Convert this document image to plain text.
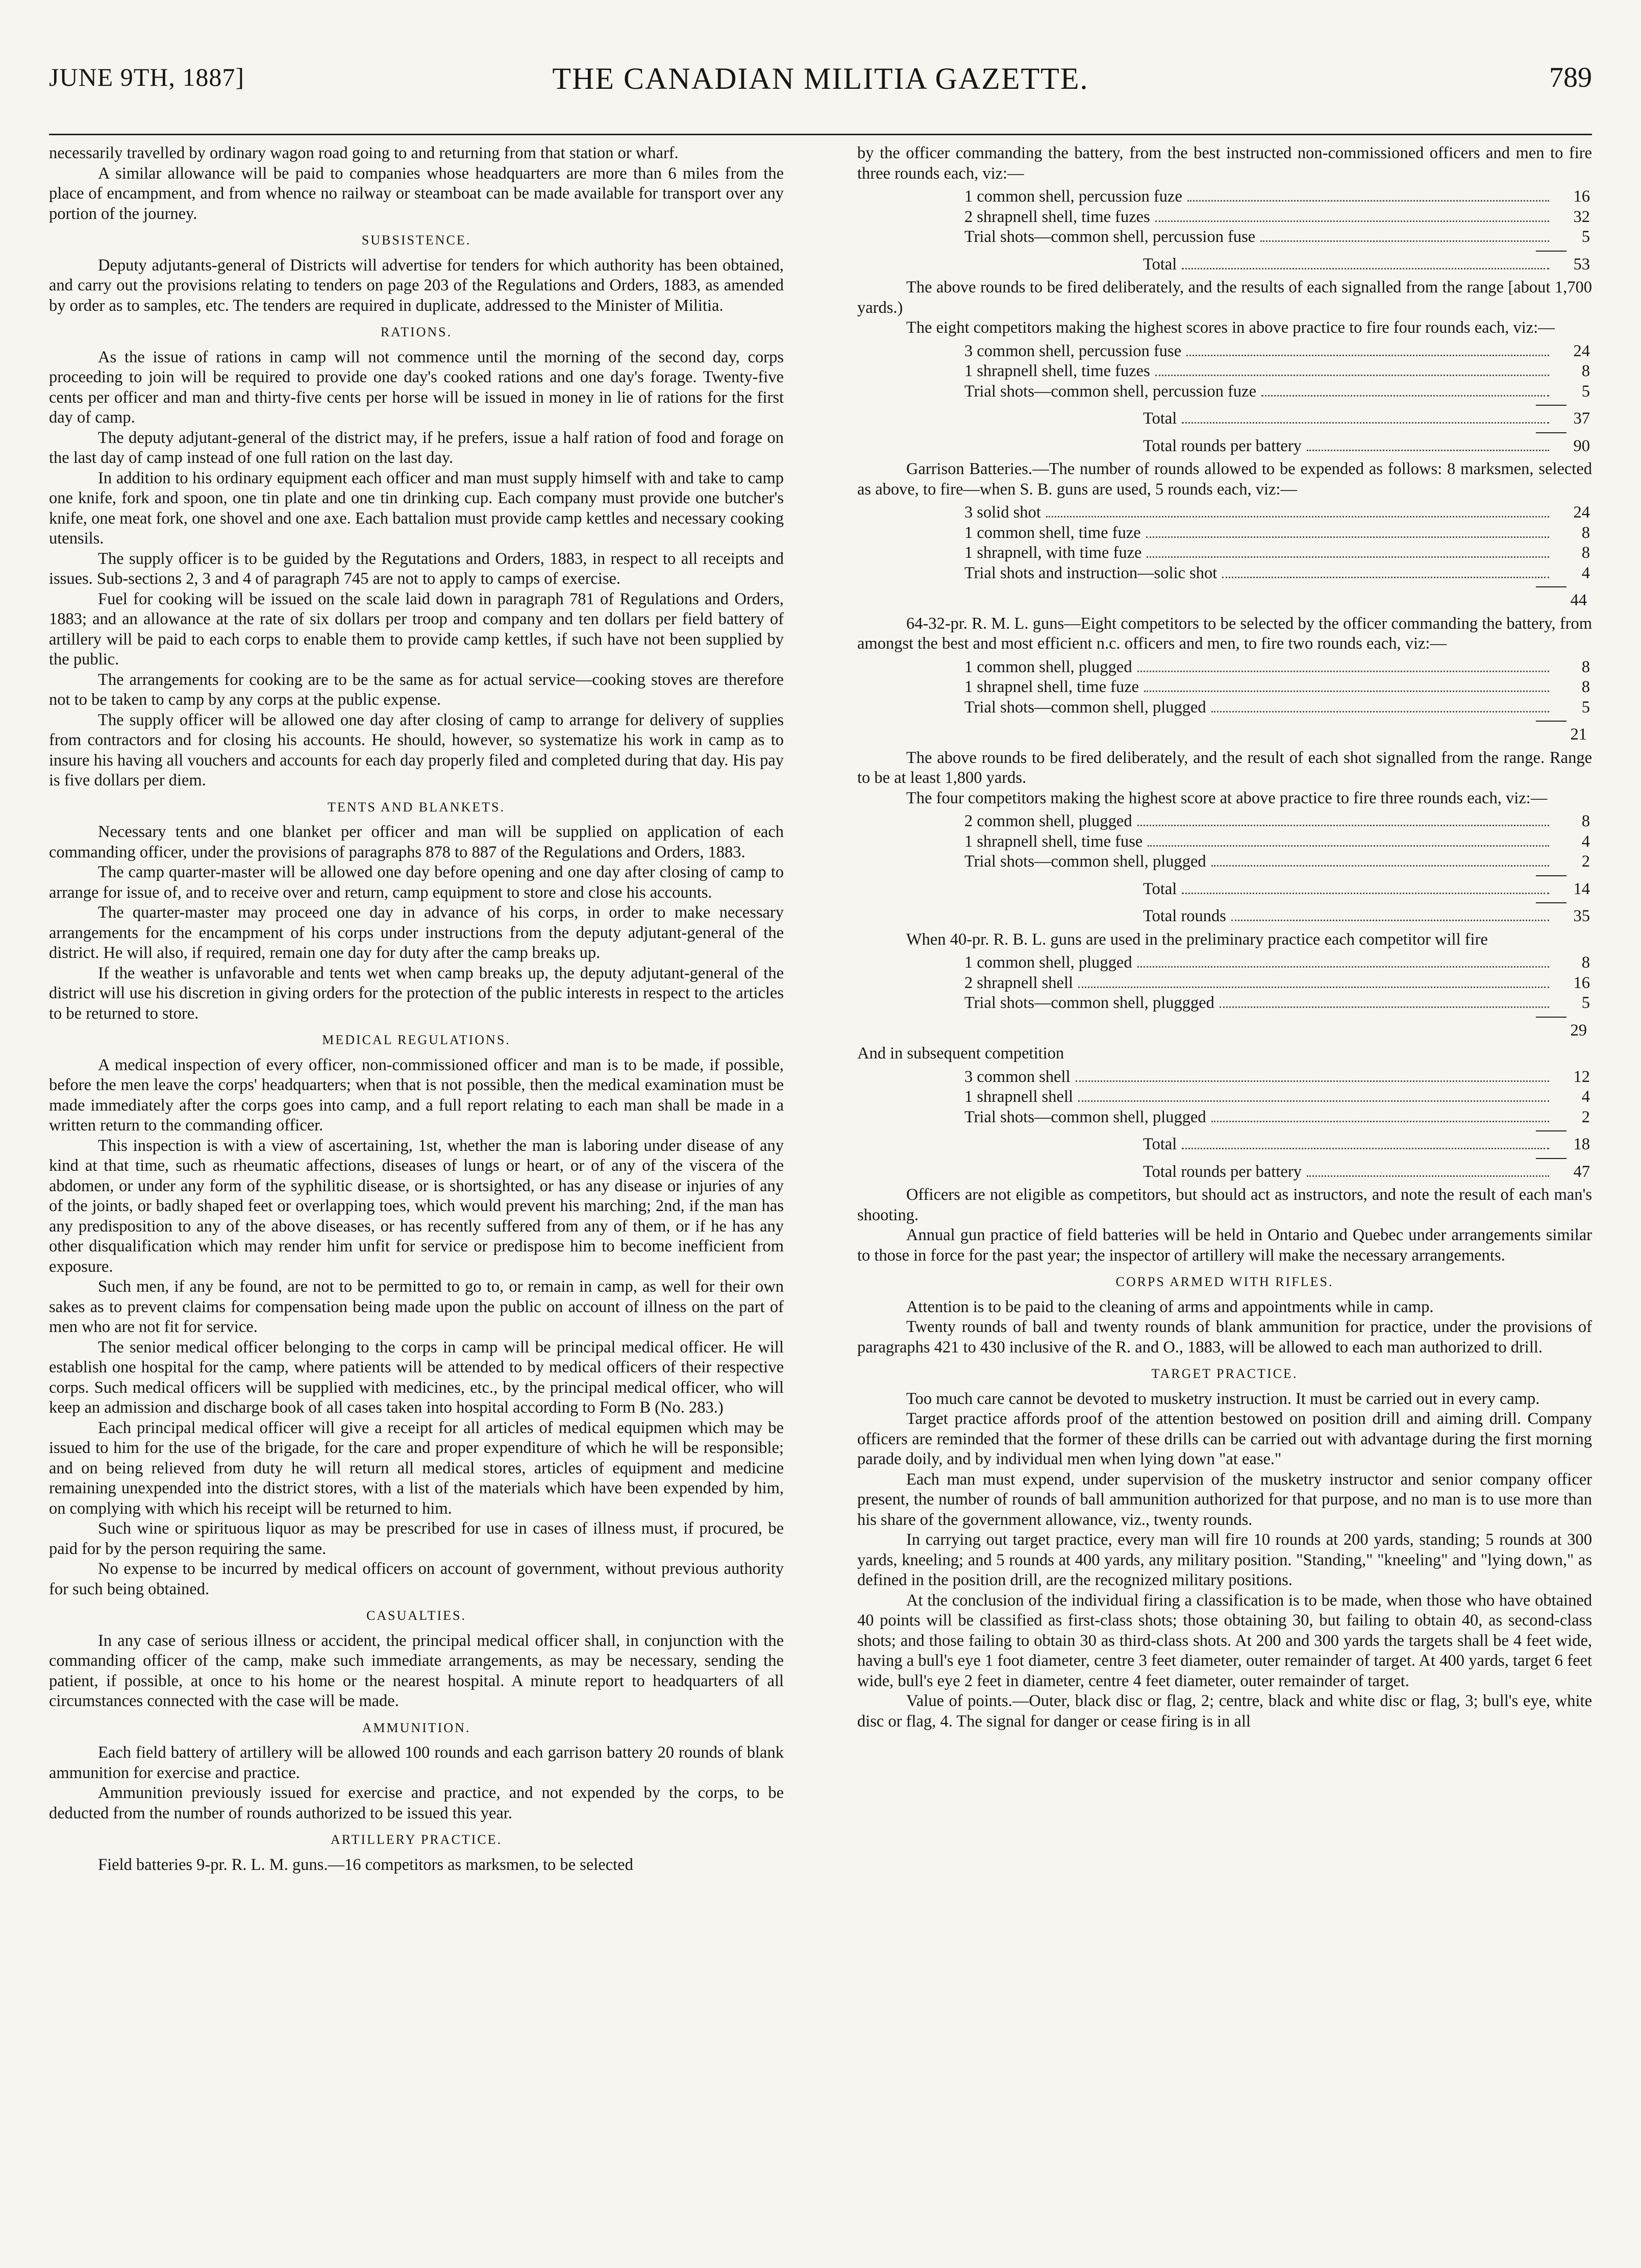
JUNE 9TH, 1887]	THE CANADIAN MILITIA GAZETTE.	789

necessarily travelled by ordinary wagon road going to and returning from that station or wharf.

A similar allowance will be paid to companies whose headquarters are more than 6 miles from the place of encampment, and from whence no railway or steamboat can be made available for transport over any portion of the journey.

SUBSISTENCE.

Deputy adjutants-general of Districts will advertise for tenders for which authority has been obtained, and carry out the provisions relating to tenders on page 203 of the Regulations and Orders, 1883, as amended by order as to samples, etc. The tenders are required in duplicate, addressed to the Minister of Militia.

RATIONS.

As the issue of rations in camp will not commence until the morning of the second day, corps proceeding to join will be required to provide one day's cooked rations and one day's forage. Twenty-five cents per officer and man and thirty-five cents per horse will be issued in money in lie of rations for the first day of camp.

The deputy adjutant-general of the district may, if he prefers, issue a half ration of food and forage on the last day of camp instead of one full ration on the last day.

In addition to his ordinary equipment each officer and man must supply himself with and take to camp one knife, fork and spoon, one tin plate and one tin drinking cup. Each company must provide one butcher's knife, one meat fork, one shovel and one axe. Each battalion must provide camp kettles and necessary cooking utensils.

The supply officer is to be guided by the Regutations and Orders, 1883, in respect to all receipts and issues. Sub-sections 2, 3 and 4 of paragraph 745 are not to apply to camps of exercise.

Fuel for cooking will be issued on the scale laid down in paragraph 781 of Regulations and Orders, 1883; and an allowance at the rate of six dollars per troop and company and ten dollars per field battery of artillery will be paid to each corps to enable them to provide camp kettles, if such have not been supplied by the public.

The arrangements for cooking are to be the same as for actual service—cooking stoves are therefore not to be taken to camp by any corps at the public expense.

The supply officer will be allowed one day after closing of camp to arrange for delivery of supplies from contractors and for closing his accounts. He should, however, so systematize his work in camp as to insure his having all vouchers and accounts for each day properly filed and completed during that day. His pay is five dollars per diem.

TENTS AND BLANKETS.

Necessary tents and one blanket per officer and man will be supplied on application of each commanding officer, under the provisions of paragraphs 878 to 887 of the Regulations and Orders, 1883.

The camp quarter-master will be allowed one day before opening and one day after closing of camp to arrange for issue of, and to receive over and return, camp equipment to store and close his accounts.

The quarter-master may proceed one day in advance of his corps, in order to make necessary arrangements for the encampment of his corps under instructions from the deputy adjutant-general of the district. He will also, if required, remain one day for duty after the camp breaks up.

If the weather is unfavorable and tents wet when camp breaks up, the deputy adjutant-general of the district will use his discretion in giving orders for the protection of the public interests in respect to the articles to be returned to store.

MEDICAL REGULATIONS.

A medical inspection of every officer, non-commissioned officer and man is to be made, if possible, before the men leave the corps' headquarters; when that is not possible, then the medical examination must be made immediately after the corps goes into camp, and a full report relating to each man shall be made in a written return to the commanding officer.

This inspection is with a view of ascertaining, 1st, whether the man is laboring under disease of any kind at that time, such as rheumatic affections, diseases of lungs or heart, or of any of the viscera of the abdomen, or under any form of the syphilitic disease, or is shortsighted, or has any disease or injuries of any of the joints, or badly shaped feet or overlapping toes, which would prevent his marching; 2nd, if the man has any predisposition to any of the above diseases, or has recently suffered from any of them, or if he has any other disqualification which may render him unfit for service or predispose him to become inefficient from exposure.

Such men, if any be found, are not to be permitted to go to, or remain in camp, as well for their own sakes as to prevent claims for compensation being made upon the public on account of illness on the part of men who are not fit for service.

The senior medical officer belonging to the corps in camp will be principal medical officer. He will establish one hospital for the camp, where patients will be attended to by medical officers of their respective corps. Such medical officers will be supplied with medicines, etc., by the principal medical officer, who will keep an admission and discharge book of all cases taken into hospital according to Form B (No. 283.)

Each principal medical officer will give a receipt for all articles of medical equipmen which may be issued to him for the use of the brigade, for the care and proper expenditure of which he will be responsible; and on being relieved from duty he will return all medical stores, articles of equipment and medicine remaining unexpended into the district stores, with a list of the materials which have been expended by him, on complying with which his receipt will be returned to him.

Such wine or spirituous liquor as may be prescribed for use in cases of illness must, if procured, be paid for by the person requiring the same.

No expense to be incurred by medical officers on account of government, without previous authority for such being obtained.

CASUALTIES.

In any case of serious illness or accident, the principal medical officer shall, in conjunction with the commanding officer of the camp, make such immediate arrangements, as may be necessary, sending the patient, if possible, at once to his home or the nearest hospital. A minute report to headquarters of all circumstances connected with the case will be made.

AMMUNITION.

Each field battery of artillery will be allowed 100 rounds and each garrison battery 20 rounds of blank ammunition for exercise and practice.

Ammunition previously issued for exercise and practice, and not expended by the corps, to be deducted from the number of rounds authorized to be issued this year.

ARTILLERY PRACTICE.

Field batteries 9-pr. R. L. M. guns.—16 competitors as marksmen, to be selected

by the officer commanding the battery, from the best instructed non-commissioned officers and men to fire three rounds each, viz:—

1 common shell, percussion fuze	16
2 shrapnell shell, time fuzes	32
Trial shots—common shell, percussion fuse	5
Total	53

The above rounds to be fired deliberately, and the results of each signalled from the range [about 1,700 yards.)

The eight competitors making the highest scores in above practice to fire four rounds each, viz:—

3 common shell, percussion fuse	24
1 shrapnell shell, time fuzes	8
Trial shots—common shell, percussion fuze	5
Total	37
Total rounds per battery	90

Garrison Batteries.—The number of rounds allowed to be expended as follows: 8 marksmen, selected as above, to fire—when S. B. guns are used, 5 rounds each, viz:—

3 solid shot	24
1 common shell, time fuze	8
1 shrapnell, with time fuze	8
Trial shots and instruction—solic shot	4
44

64-32-pr. R. M. L. guns—Eight competitors to be selected by the officer commanding the battery, from amongst the best and most efficient n.c. officers and men, to fire two rounds each, viz:—

1 common shell, plugged	8
1 shrapnel shell, time fuze	8
Trial shots—common shell, plugged	5
21

The above rounds to be fired deliberately, and the result of each shot signalled from the range. Range to be at least 1,800 yards.

The four competitors making the highest score at above practice to fire three rounds each, viz:—

2 common shell, plugged	8
1 shrapnell shell, time fuse	4
Trial shots—common shell, plugged	2
Total	14
Total rounds	35

When 40-pr. R. B. L. guns are used in the preliminary practice each competitor will fire

1 common shell, plugged	8
2 shrapnell shell	16
Trial shots—common shell, pluggged	5
29

And in subsequent competition

3 common shell	12
1 shrapnell shell	4
Trial shots—common shell, plugged	2
Total	18
Total rounds per battery	47

Officers are not eligible as competitors, but should act as instructors, and note the result of each man's shooting.

Annual gun practice of field batteries will be held in Ontario and Quebec under arrangements similar to those in force for the past year; the inspector of artillery will make the necessary arrangements.

CORPS ARMED WITH RIFLES.

Attention is to be paid to the cleaning of arms and appointments while in camp.

Twenty rounds of ball and twenty rounds of blank ammunition for practice, under the provisions of paragraphs 421 to 430 inclusive of the R. and O., 1883, will be allowed to each man authorized to drill.

TARGET PRACTICE.

Too much care cannot be devoted to musketry instruction. It must be carried out in every camp.

Target practice affords proof of the attention bestowed on position drill and aiming drill. Company officers are reminded that the former of these drills can be carried out with advantage during the first morning parade doily, and by individual men when lying down "at ease."

Each man must expend, under supervision of the musketry instructor and senior company officer present, the number of rounds of ball ammunition authorized for that purpose, and no man is to use more than his share of the government allowance, viz., twenty rounds.

In carrying out target practice, every man will fire 10 rounds at 200 yards, standing; 5 rounds at 300 yards, kneeling; and 5 rounds at 400 yards, any military position. "Standing," "kneeling" and "lying down," as defined in the position drill, are the recognized military positions.

At the conclusion of the individual firing a classification is to be made, when those who have obtained 40 points will be classified as first-class shots; those obtaining 30, but failing to obtain 40, as second-class shots; and those failing to obtain 30 as third-class shots. At 200 and 300 yards the targets shall be 4 feet wide, having a bull's eye 1 foot diameter, centre 3 feet diameter, outer remainder of target. At 400 yards, target 6 feet wide, bull's eye 2 feet in diameter, centre 4 feet diameter, outer remainder of target.

Value of points.—Outer, black disc or flag, 2; centre, black and white disc or flag, 3; bull's eye, white disc or flag, 4. The signal for danger or cease firing is in all
